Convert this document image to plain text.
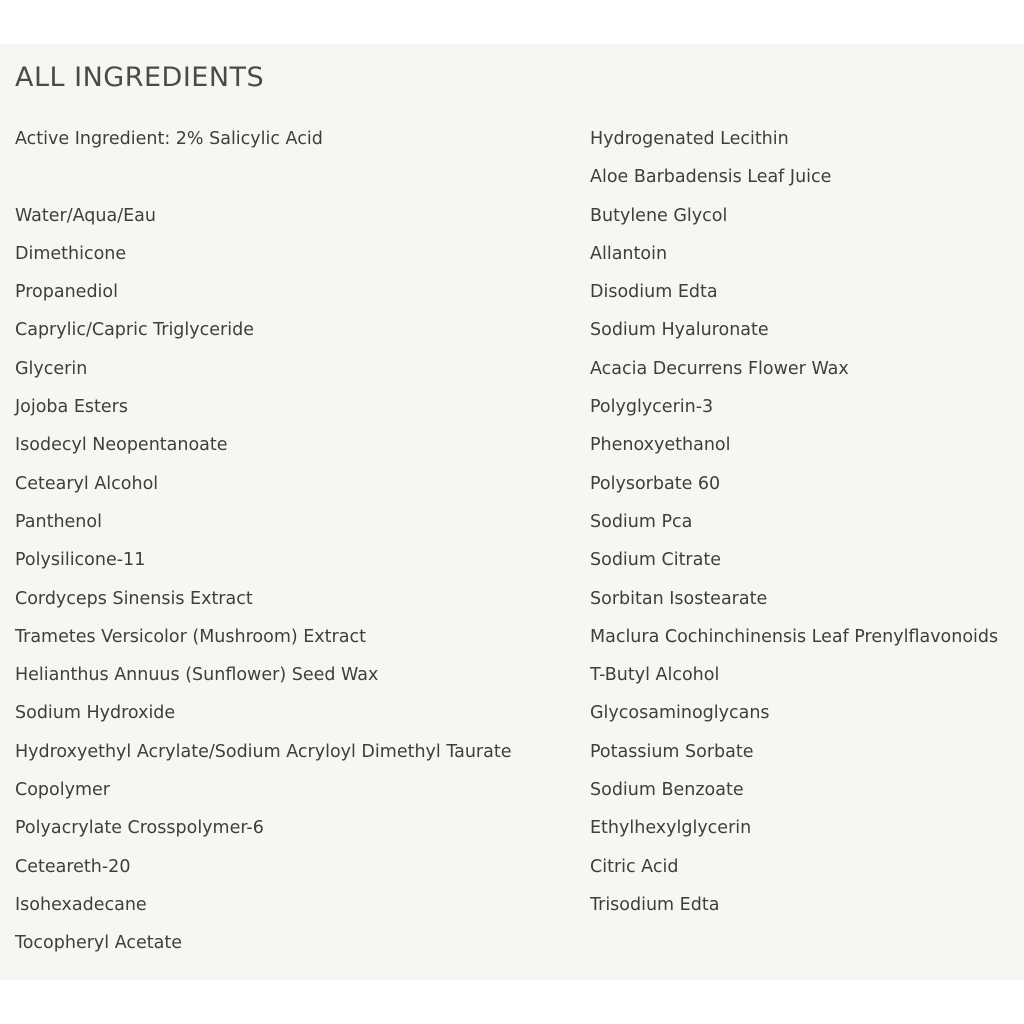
ALL INGREDIENTS
Active Ingredient: 2% Salicylic Acid
Water/Aqua/Eau
Dimethicone
Propanediol
Caprylic/Capric Triglyceride
Glycerin
Jojoba Esters
Isodecyl Neopentanoate
Cetearyl Alcohol
Panthenol
Polysilicone-11
Cordyceps Sinensis Extract
Trametes Versicolor (Mushroom) Extract
Helianthus Annuus (Sunflower) Seed Wax
Sodium Hydroxide
Hydroxyethyl Acrylate/Sodium Acryloyl Dimethyl Taurate
Copolymer
Polyacrylate Crosspolymer-6
Ceteareth-20
Isohexadecane
Tocopheryl Acetate
Hydrogenated Lecithin
Aloe Barbadensis Leaf Juice
Butylene Glycol
Allantoin
Disodium Edta
Sodium Hyaluronate
Acacia Decurrens Flower Wax
Polyglycerin-3
Phenoxyethanol
Polysorbate 60
Sodium Pca
Sodium Citrate
Sorbitan Isostearate
Maclura Cochinchinensis Leaf Prenylflavonoids
T-Butyl Alcohol
Glycosaminoglycans
Potassium Sorbate
Sodium Benzoate
Ethylhexylglycerin
Citric Acid
Trisodium Edta
